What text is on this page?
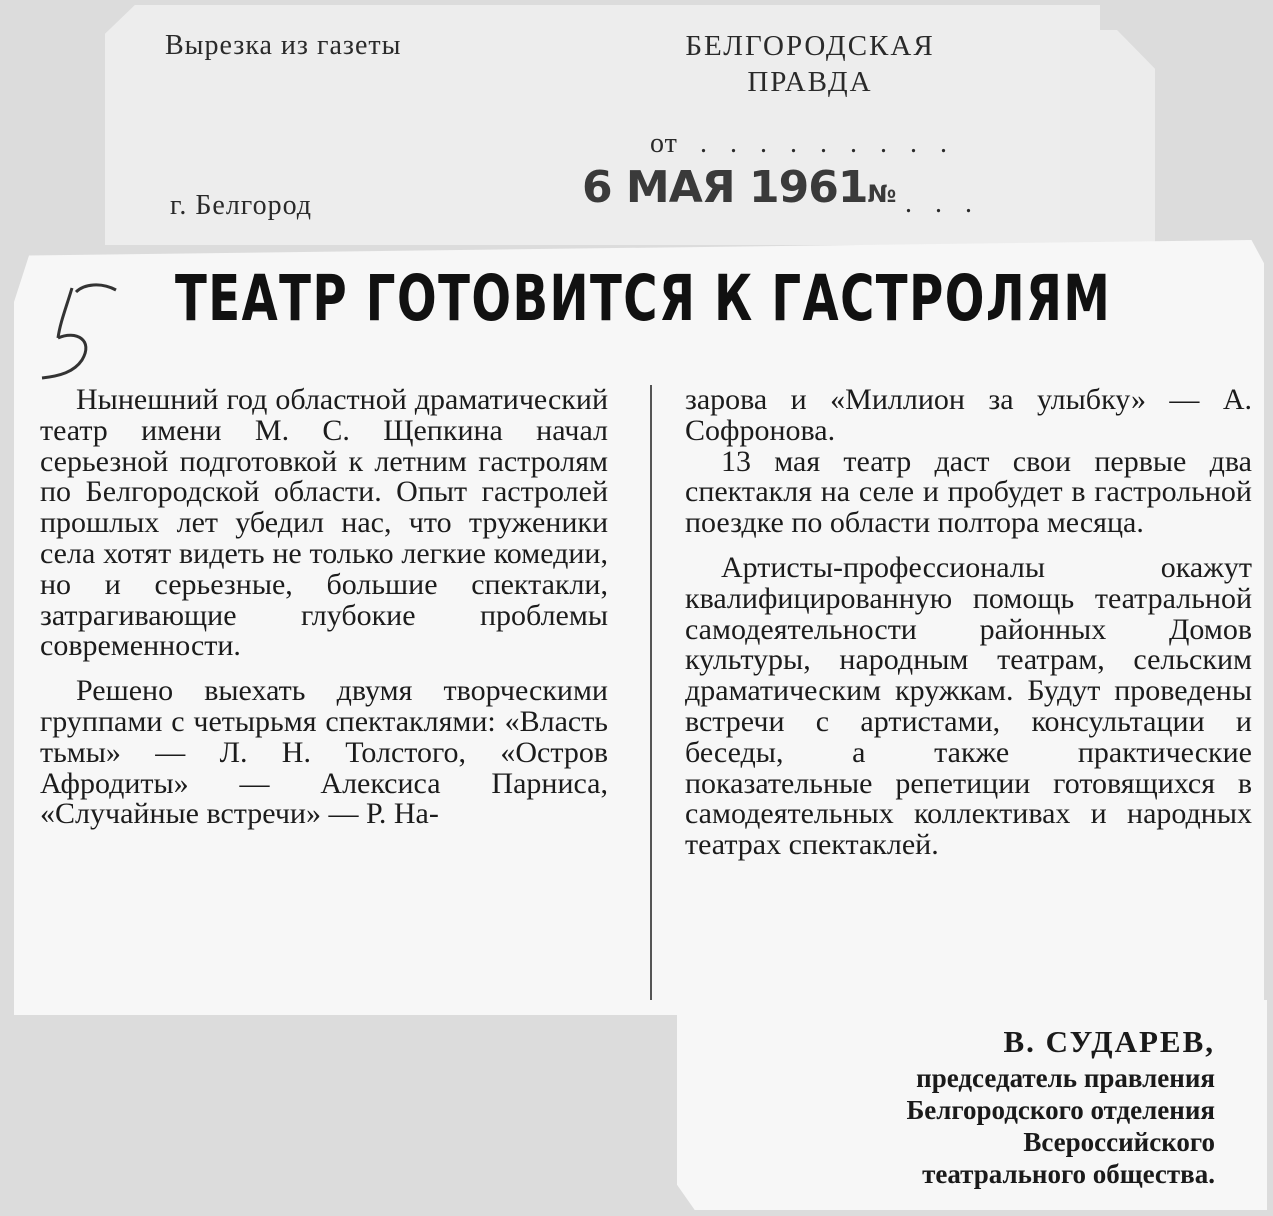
Вырезка из газеты	БЕЛГОРОДСКАЯ
ПРАВДА
от . . . . . . . . .
г. Белгород	6 МАЯ 1961№ . . .
ТЕАТР ГОТОВИТСЯ К ГАСТРОЛЯМ

Нынешний год областной драматический театр имени М. С. Щепкина начал серьезной подготовкой к летним гастролям по Белгородской области. Опыт гастролей прошлых лет убедил нас, что труженики села хотят видеть не только легкие комедии, но и серьезные, большие спектакли, затрагивающие глубокие проблемы современности.

Решено выехать двумя творческими группами с четырьмя спектаклями: «Власть тьмы» — Л. Н. Толстого, «Остров Афродиты» — Алексиса Парниса, «Случайные встречи» — Р. На-

зарова и «Миллион за улыбку» — А. Софронова.

13 мая театр даст свои первые два спектакля на селе и пробудет в гастрольной поездке по области полтора месяца.

Артисты-профессионалы окажут квалифицированную помощь театральной самодеятельности районных Домов культуры, народным театрам, сельским драматическим кружкам. Будут проведены встречи с артистами, консультации и беседы, а также практические показательные репетиции готовящихся в самодеятельных коллективах и народных театрах спектаклей.

В. СУДАРЕВ,
председатель правления
Белгородского отделения
Всероссийского
театрального общества.
